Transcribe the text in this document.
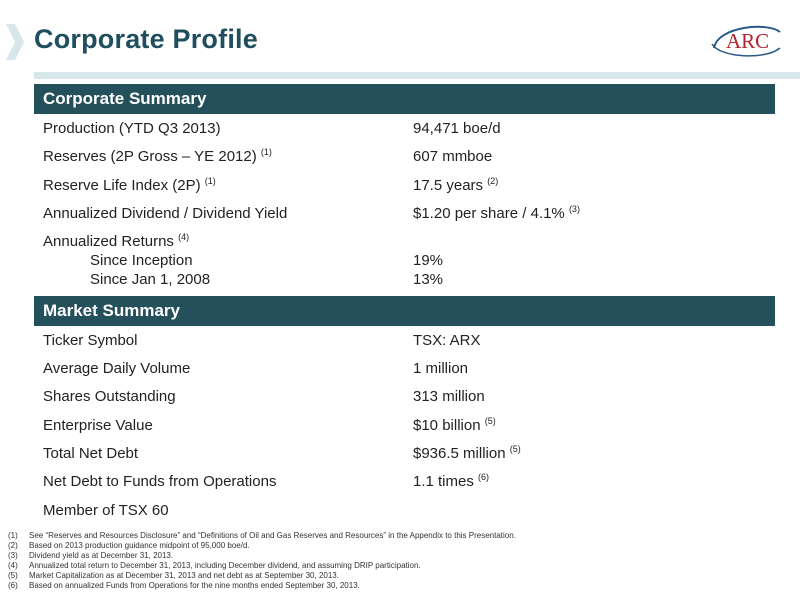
Corporate Profile	ARC
Corporate Summary
Production (YTD Q3 2013)	94,471 boe/d
Reserves (2P Gross – YE 2012) $^{(1)}$	607 mmboe
Reserve Life Index (2P) $^{(1)}$	17.5 years $^{(2)}$
Annualized Dividend / Dividend Yield	$1.20 per share / 4.1% $^{(3)}$
Annualized Returns $^{(4)}$
Since Inception	19%
Since Jan 1, 2008	13%
Market Summary
Ticker Symbol	TSX: ARX
Average Daily Volume	1 million
Shares Outstanding	313 million
Enterprise Value	$10 billion $^{(5)}$
Total Net Debt	$936.5 million $^{(5)}$
Net Debt to Funds from Operations	1.1 times $^{(6)}$
Member of TSX 60
(1) See “Reserves and Resources Disclosure” and “Definitions of Oil and Gas Reserves and Resources” in the Appendix to this Presentation.
(2) Based on 2013 production guidance midpoint of 95,000 boe/d.
(3) Dividend yield as at December 31, 2013.
(4) Annualized total return to December 31, 2013, including December dividend, and assuming DRIP participation.
(5) Market Capitalization as at December 31, 2013 and net debt as at September 30, 2013.
(6) Based on annualized Funds from Operations for the nine months ended September 30, 2013.
